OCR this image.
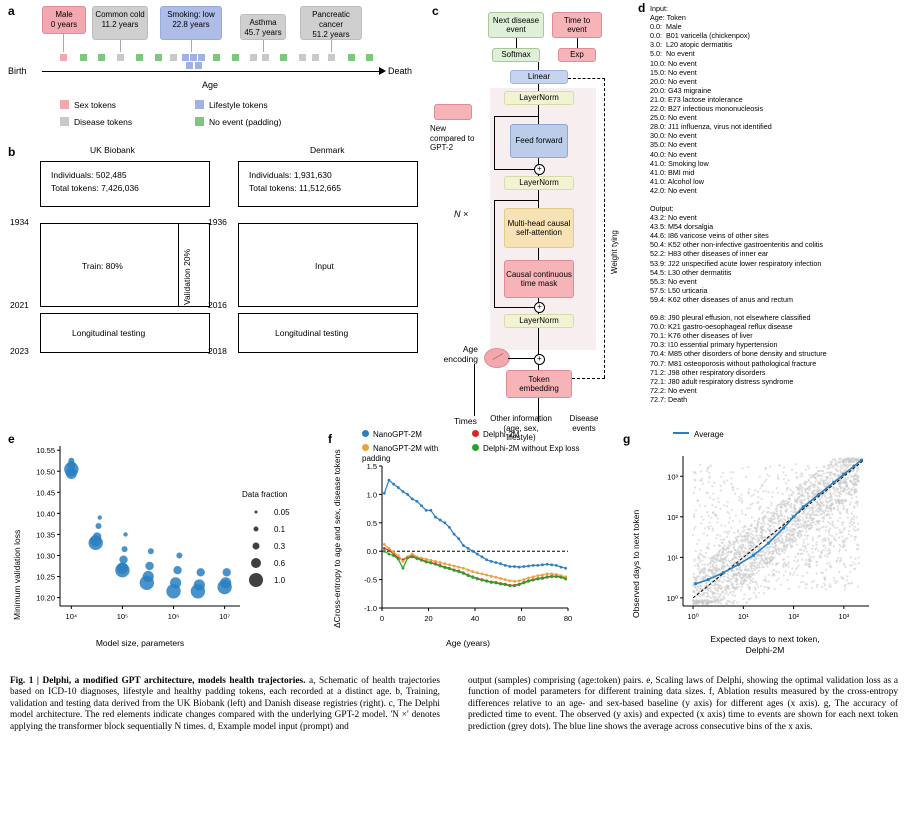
a	Male
0 years
Common cold
11.2 years
Smoking: low
22.8 years	Asthma
45.7 years
Pancreatic cancer
51.2 years
Birth	Death
Age
Sex tokens	Lifestyle tokens
Disease tokens	No event (padding)
b	UK Biobank	Denmark
Individuals: 502,485
Total tokens: 7,426,036
Individuals: 1,931,630
Total tokens: 11,512,665
1934
Train: 80%	Validation 20%
2021
Longitudinal testing
2023
1936
Input
2016
Longitudinal testing
2018
c
Next disease event
Time to event
Softmax	Exp
Linear
LayerNorm
Feed forward
LayerNorm
Multi-head causal self-attention
Causal continuous time mask
LayerNorm
Token embedding
N ×
Weight tying
+
+
+
Age encoding
Times Other information (age, sex, lifestyle)
Disease events
New compared to GPT-2
d Input:
Age: Token
0.0:  Male
0.0:  B01 varicella (chickenpox)
3.0:  L20 atopic dermatitis
5.0:  No event
10.0: No event
15.0: No event
20.0: No event
20.0: G43 migraine
21.0: E73 lactose intolerance
22.0: B27 infectious mononucleosis
25.0: No event
28.0: J11 influenza, virus not identified
30.0: No event
35.0: No event
40.0: No event
41.0: Smoking low
41.0: BMI mid
41.0: Alcohol low
42.0: No event
Output:
43.2: No event
43.5: M54 dorsalgia
44.6: I86 varicose veins of other sites
50.4: K52 other non-infective gastroenteritis and colitis
52.2: H83 other diseases of inner ear
53.9: J22 unspecified acute lower respiratory infection
54.5: L30 other dermatitis
55.3: No event
57.5: L50 urticaria
59.4: K62 other diseases of anus and rectum

69.8: J90 pleural effusion, not elsewhere classified
70.0: K21 gastro-oesophageal reflux disease
70.1: K76 other diseases of liver
70.3: I10 essential primary hypertension
70.4: M85 other disorders of bone density and structure
70.7: M81 osteoporosis without pathological fracture
71.2: J98 other respiratory disorders
72.1: J80 adult respiratory distress syndrome
72.2: No event
72.7: Death
e
Minimum validation loss 10.20
10.25
10.30
10.35
10.40
10.45
10.50
10.55
10⁴	10⁵	10⁶	10⁷
Model size, parameters
Data fraction
0.05
0.1
0.3
0.6
1.0
f
ΔCross-entropy to age and sex, disease tokens	-1.0
-0.5
0.0
0.5
1.0
1.5
0	20	40	60	80
Age (years)
NanoGPT-2M	Delphi-2M
NanoGPT-2M with padding
Delphi-2M without Exp loss
g
Observed days to next token	10⁰
10⁰
10¹
10¹
10²
10²
10³
10³
Expected days to next token,
Delphi-2M
Average
Fig. 1 | Delphi, a modified GPT architecture, models health trajectories. a, Schematic of health trajectories based on ICD-10 diagnoses, lifestyle and healthy padding tokens, each recorded at a distinct age. b, Training, validation and testing data derived from the UK Biobank (left) and Danish disease registries (right). c, The Delphi model architecture. The red elements indicate changes compared with the underlying GPT-2 model. 'N ×' denotes applying the transformer block sequentially N times. d, Example model input (prompt) andoutput (samples) comprising (age:token) pairs. e, Scaling laws of Delphi, showing the optimal validation loss as a function of model parameters for different training data sizes. f, Ablation results measured by the cross-entropy differences relative to an age- and sex-based baseline (y axis) for different ages (x axis). g, The accuracy of predicted time to event. The observed (y axis) and expected (x axis) time to events are shown for each next token prediction (grey dots). The blue line shows the average across consecutive bins of the x axis.
